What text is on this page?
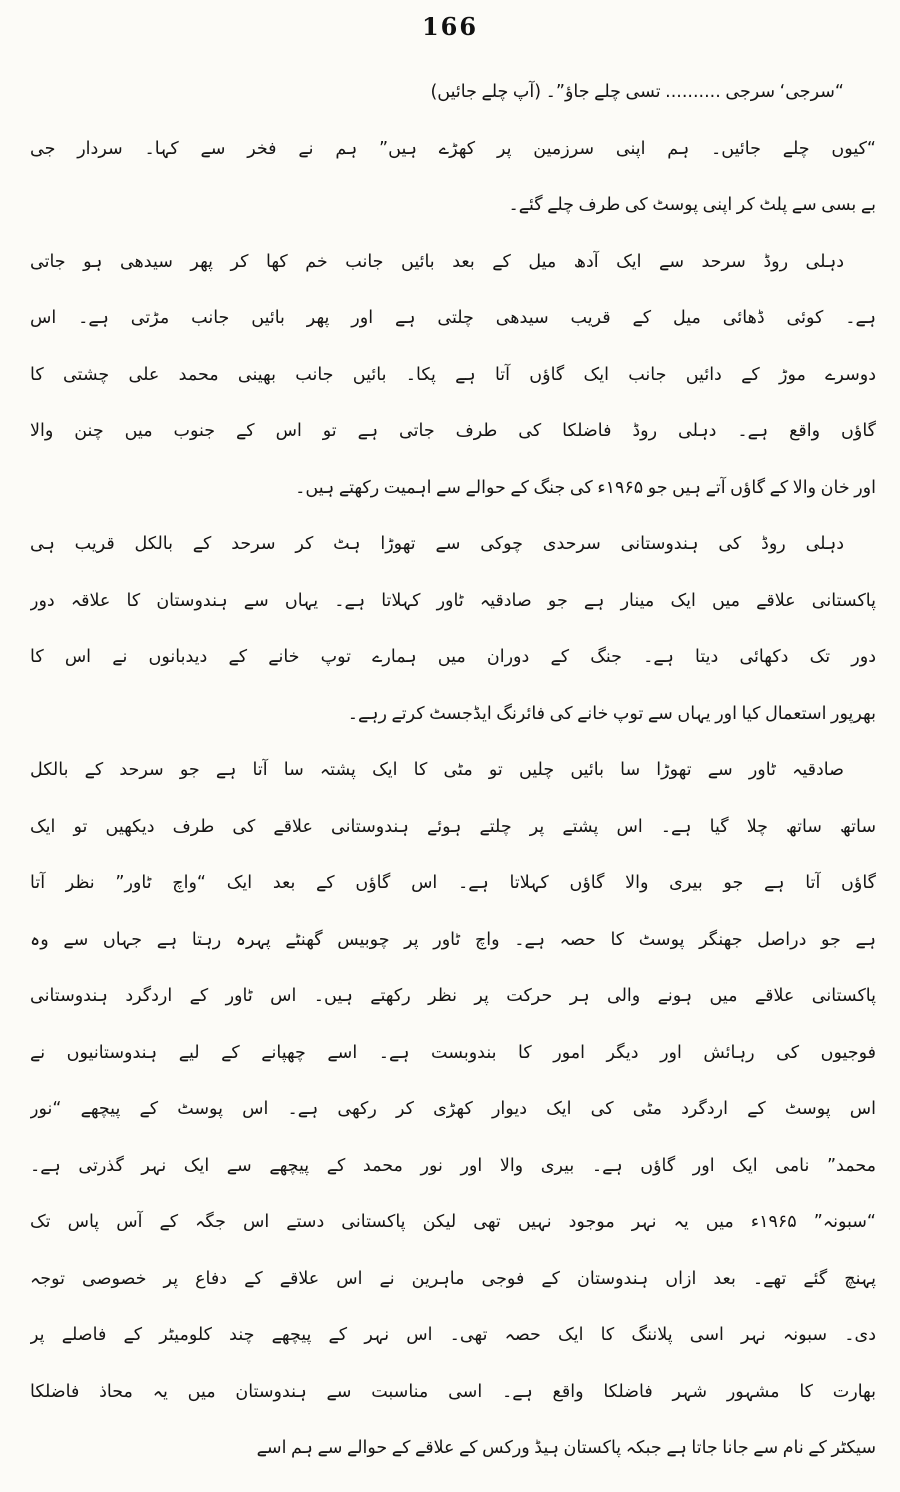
166
“سرجی‘ سرجی .......... تسی چلے جاؤ”۔ (آپ چلے جائیں)
“کیوں چلے جائیں۔ ہم اپنی سرزمین پر کھڑے ہیں” ہم نے فخر سے کہا۔ سردار جی
بے بسی سے پلٹ کر اپنی پوسٹ کی طرف چلے گئے۔
دہلی روڈ سرحد سے ایک آدھ میل کے بعد بائیں جانب خم کھا کر پھر سیدھی ہو جاتی
ہے۔ کوئی ڈھائی میل کے قریب سیدھی چلتی ہے اور پھر بائیں جانب مڑتی ہے۔ اس
دوسرے موڑ کے دائیں جانب ایک گاؤں آتا ہے پکا۔ بائیں جانب بھینی محمد علی چشتی کا
گاؤں واقع ہے۔ دہلی روڈ فاضلکا کی طرف جاتی ہے تو اس کے جنوب میں چنن والا
اور خان والا کے گاؤں آتے ہیں جو ۱۹۶۵ء کی جنگ کے حوالے سے اہمیت رکھتے ہیں۔
دہلی روڈ کی ہندوستانی سرحدی چوکی سے تھوڑا ہٹ کر سرحد کے بالکل قریب ہی
پاکستانی علاقے میں ایک مینار ہے جو صادقیہ ٹاور کہلاتا ہے۔ یہاں سے ہندوستان کا علاقہ دور
دور تک دکھائی دیتا ہے۔ جنگ کے دوران میں ہمارے توپ خانے کے دیدبانوں نے اس کا
بھرپور استعمال کیا اور یہاں سے توپ خانے کی فائرنگ ایڈجسٹ کرتے رہے۔
صادقیہ ٹاور سے تھوڑا سا بائیں چلیں تو مٹی کا ایک پشتہ سا آتا ہے جو سرحد کے بالکل
ساتھ ساتھ چلا گیا ہے۔ اس پشتے پر چلتے ہوئے ہندوستانی علاقے کی طرف دیکھیں تو ایک
گاؤں آتا ہے جو بیری والا گاؤں کہلاتا ہے۔ اس گاؤں کے بعد ایک “واچ ٹاور” نظر آتا
ہے جو دراصل جھنگر پوسٹ کا حصہ ہے۔ واچ ٹاور پر چوبیس گھنٹے پہرہ رہتا ہے جہاں سے وہ
پاکستانی علاقے میں ہونے والی ہر حرکت پر نظر رکھتے ہیں۔ اس ٹاور کے اردگرد ہندوستانی
فوجیوں کی رہائش اور دیگر امور کا بندوبست ہے۔ اسے چھپانے کے لیے ہندوستانیوں نے
اس پوسٹ کے اردگرد مٹی کی ایک دیوار کھڑی کر رکھی ہے۔ اس پوسٹ کے پیچھے “نور
محمد” نامی ایک اور گاؤں ہے۔ بیری والا اور نور محمد کے پیچھے سے ایک نہر گذرتی ہے۔
“سبونہ” ۱۹۶۵ء میں یہ نہر موجود نہیں تھی لیکن پاکستانی دستے اس جگہ کے آس پاس تک
پہنچ گئے تھے۔ بعد ازاں ہندوستان کے فوجی ماہرین نے اس علاقے کے دفاع پر خصوصی توجہ
دی۔ سبونہ نہر اسی پلاننگ کا ایک حصہ تھی۔ اس نہر کے پیچھے چند کلومیٹر کے فاصلے پر
بھارت کا مشہور شہر فاضلکا واقع ہے۔ اسی مناسبت سے ہندوستان میں یہ محاذ فاضلکا
سیکٹر کے نام سے جانا جاتا ہے جبکہ پاکستان ہیڈ ورکس کے علاقے کے حوالے سے ہم اسے
